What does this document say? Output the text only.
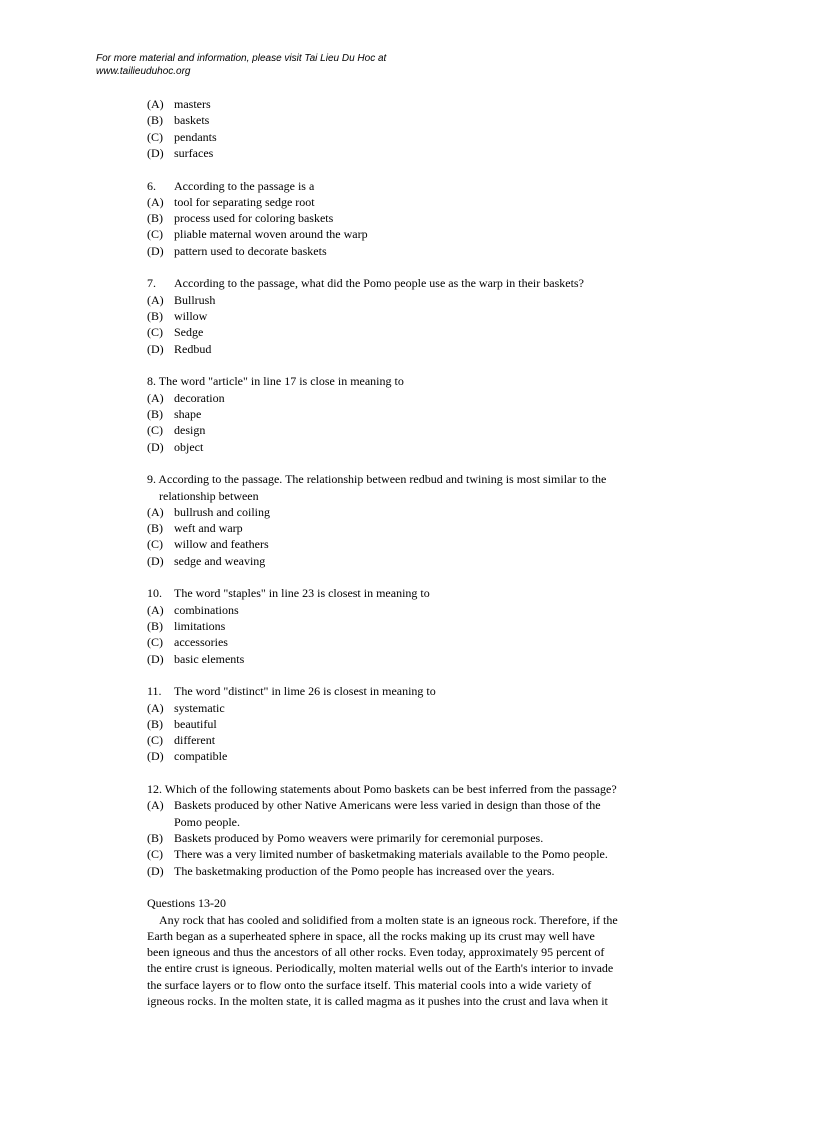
For more material and information, please visit Tai Lieu Du Hoc at
www.tailieuduhoc.org
(A) masters
(B) baskets
(C) pendants
(D) surfaces
6.	According to the passage is a
(A) tool for separating sedge root
(B) process used for coloring baskets
(C) pliable maternal woven around the warp
(D) pattern used to decorate baskets
7.	According to the passage, what did the Pomo people use as the warp in their baskets?
(A) Bullrush
(B) willow
(C) Sedge
(D) Redbud
8. The word "article" in line 17 is close in meaning to
(A) decoration
(B) shape
(C) design
(D) object
9. According to the passage. The relationship between redbud and twining is most similar to the
relationship between
(A) bullrush and coiling
(B) weft and warp
(C) willow and feathers
(D) sedge and weaving
10.	The word "staples" in line 23 is closest in meaning to
(A) combinations
(B) limitations
(C) accessories
(D) basic elements
11.	The word "distinct" in lime 26 is closest in meaning to
(A) systematic
(B) beautiful
(C) different
(D) compatible
12. Which of the following statements about Pomo baskets can be best inferred from the passage?
(A) Baskets produced by other Native Americans were less varied in design than those of the
Pomo people.
(B) Baskets produced by Pomo weavers were primarily for ceremonial purposes.
(C) There was a very limited number of basketmaking materials available to the Pomo people.
(D) The basketmaking production of the Pomo people has increased over the years.
Questions 13-20
Any rock that has cooled and solidified from a molten state is an igneous rock. Therefore, if the
Earth began as a superheated sphere in space, all the rocks making up its crust may well have
been igneous and thus the ancestors of all other rocks. Even today, approximately 95 percent of
the entire crust is igneous. Periodically, molten material wells out of the Earth's interior to invade
the surface layers or to flow onto the surface itself. This material cools into a wide variety of
igneous rocks. In the molten state, it is called magma as it pushes into the crust and lava when it
